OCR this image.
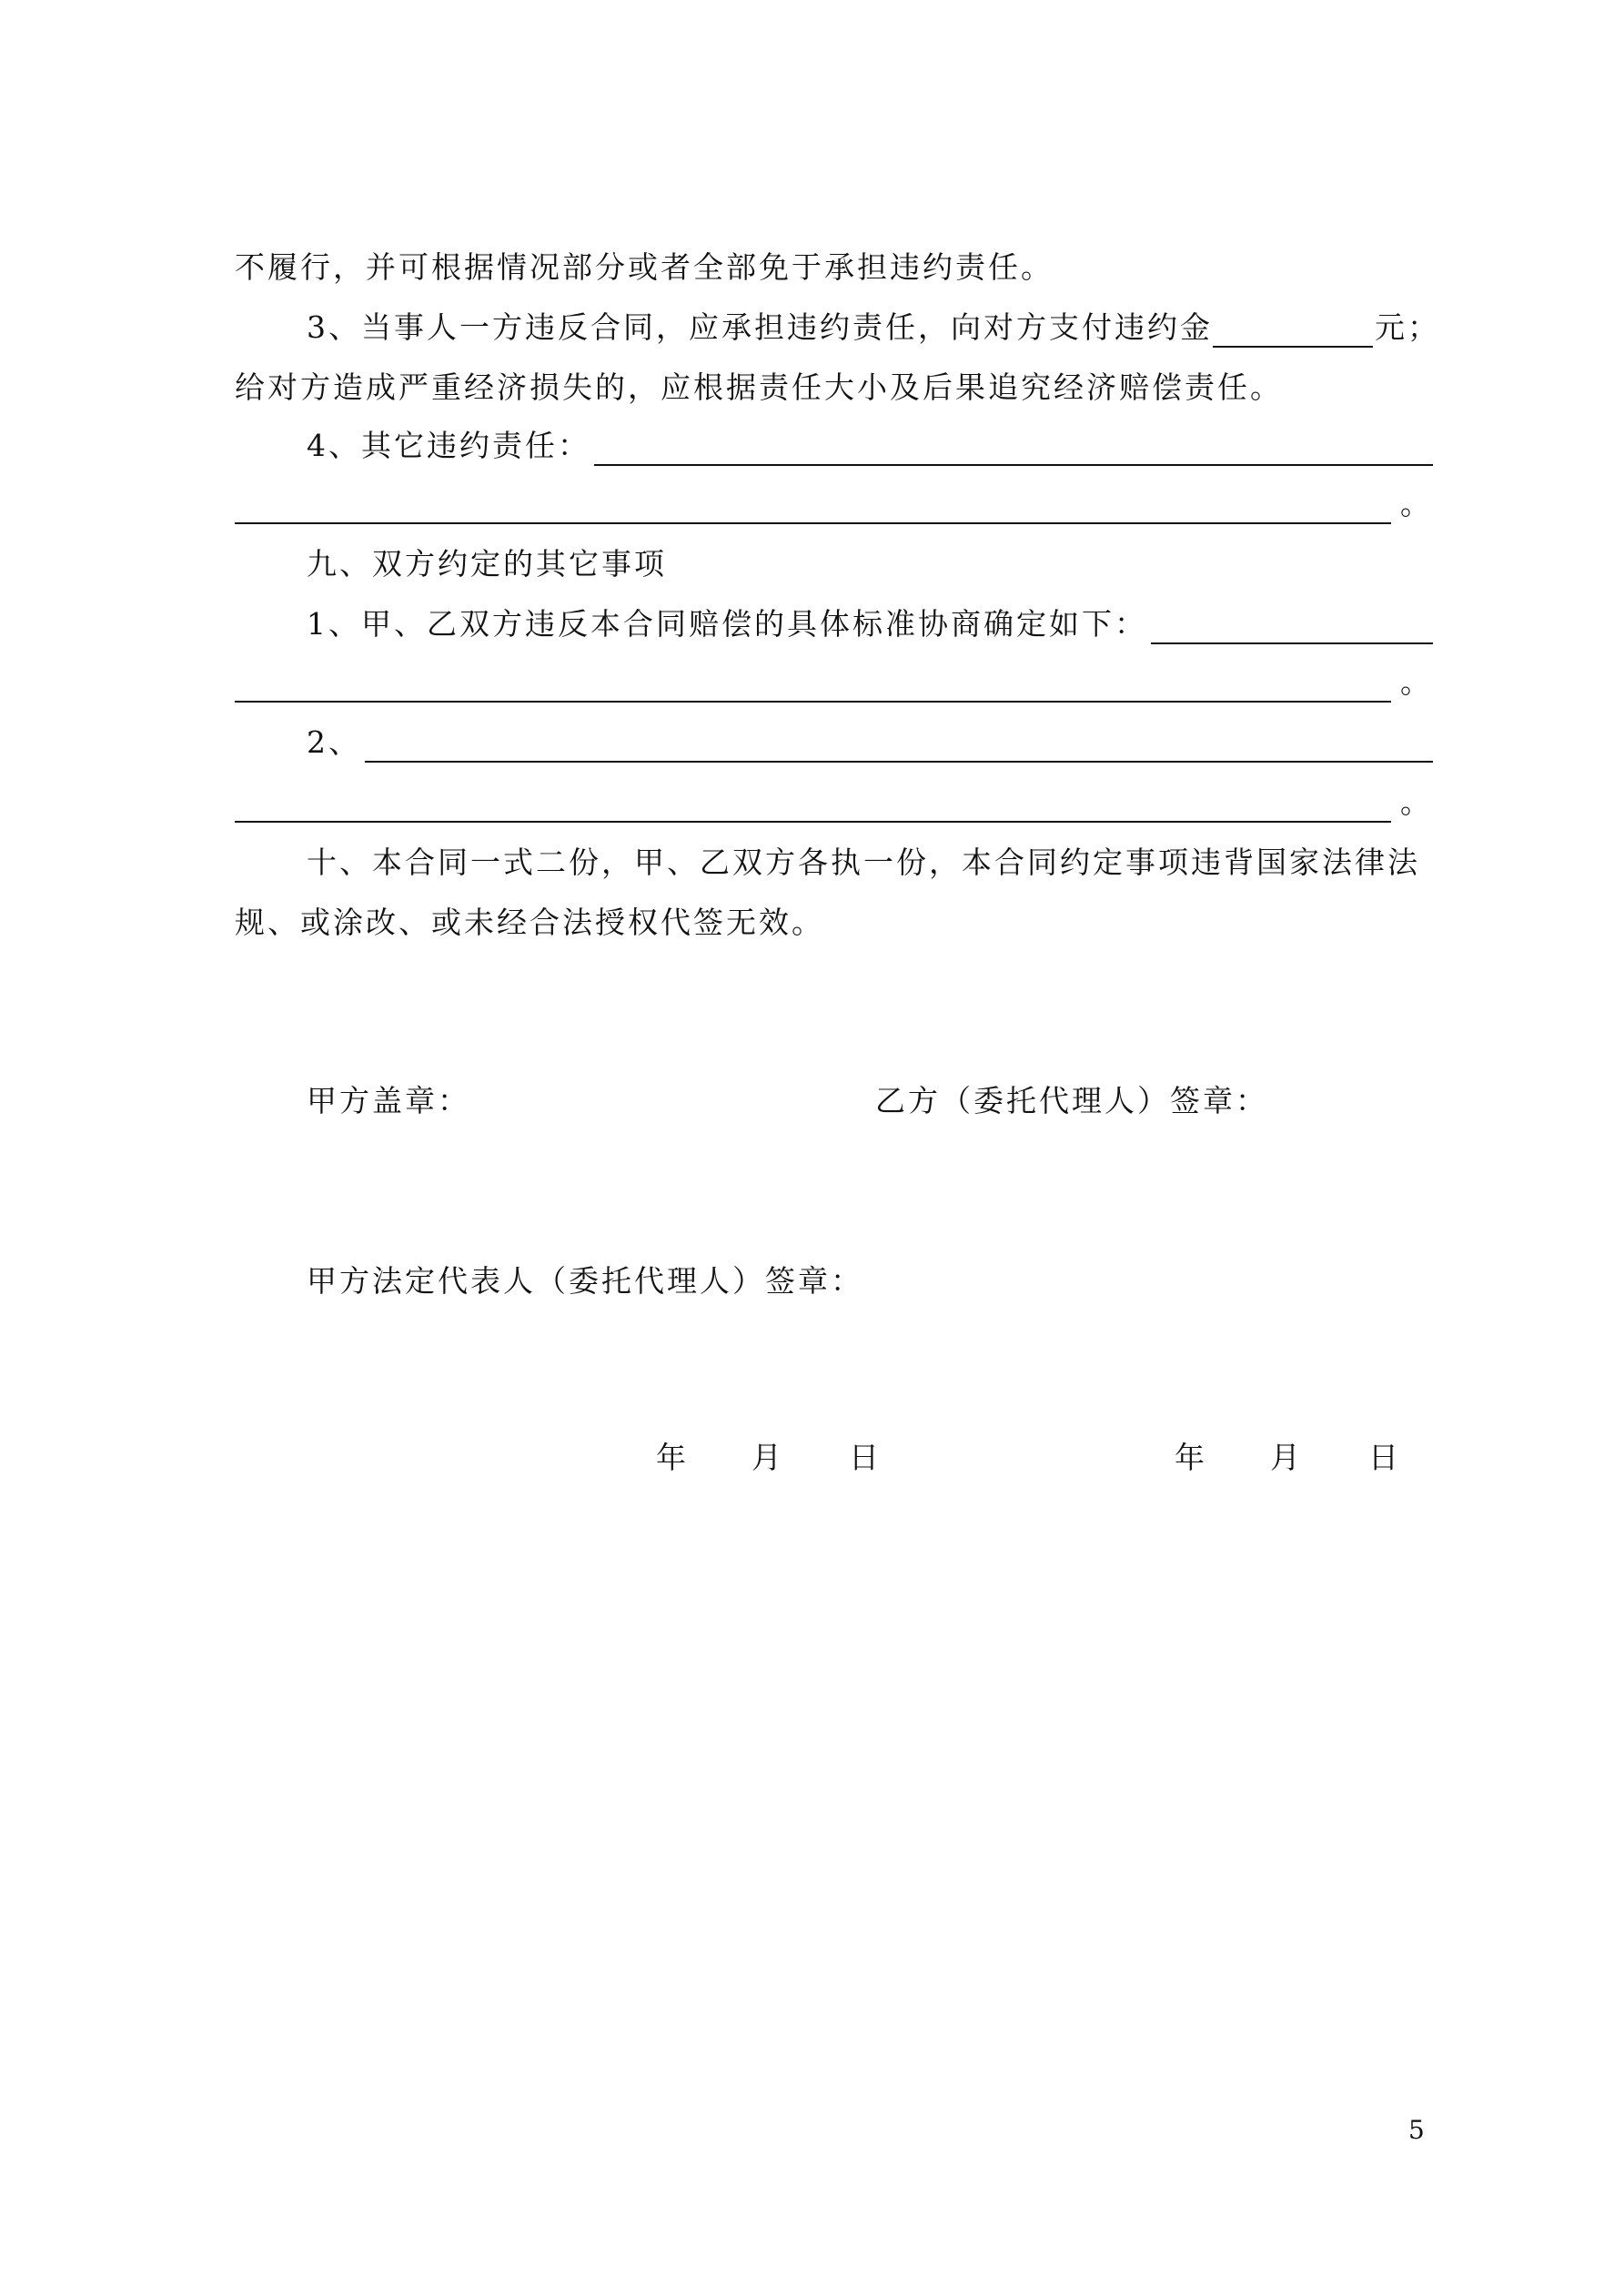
不履行，并可根据情况部分或者全部免于承担违约责任。
3、当事人一方违反合同，应承担违约责任，向对方支付违约金	元；
给对方造成严重经济损失的，应根据责任大小及后果追究经济赔偿责任。
4、其它违约责任：
。
九、双方约定的其它事项
1、甲、乙双方违反本合同赔偿的具体标准协商确定如下：
。
2、
。
十、本合同一式二份，甲、乙双方各执一份，本合同约定事项违背国家法律法
规、或涂改、或未经合法授权代签无效。
甲方盖章：	乙方（委托代理人）签章：
甲方法定代表人（委托代理人）签章：
年 月 日	年 月 日
5
